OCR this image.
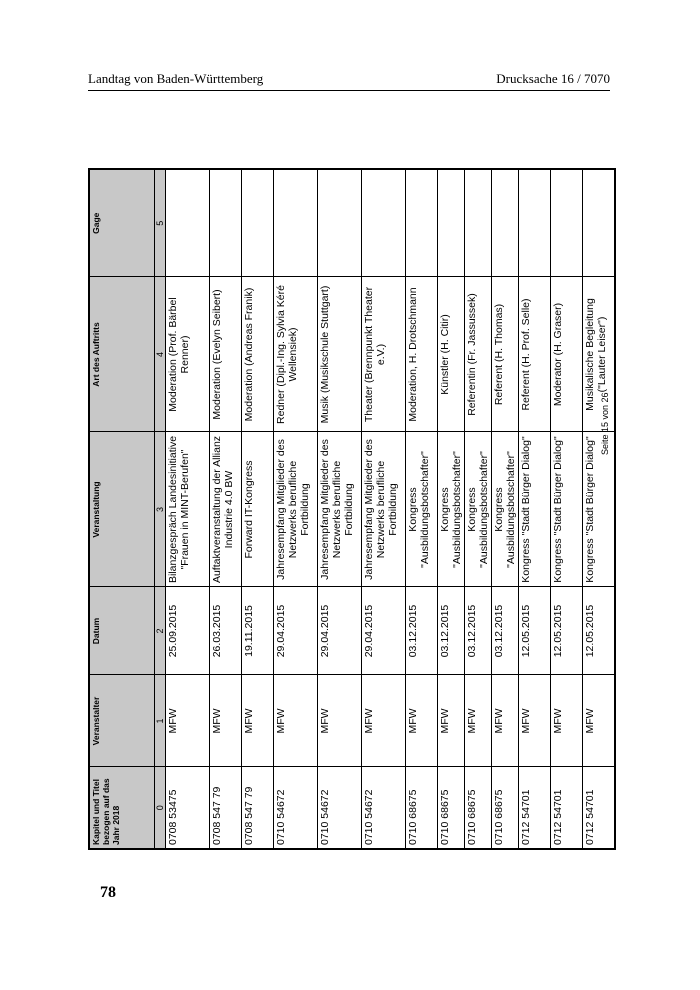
Landtag von Baden-Württemberg	Drucksache 16 / 7070

78
Kapitel und Titel bezogen auf das Jahr 2018	Veranstalter	Datum	Veranstaltung	Art des Auftritts	Gage
0	1	2	3	4	5
0708 53475	MFW	25.09.2015	Bilanzgespräch Landesinitiative "Frauen in MINT-Berufen"	Moderation (Prof. Bärbel Renner)	
0708 547 79	MFW	26.03.2015	Auftaktveranstaltung der Allianz Industrie 4.0 BW	Moderation (Evelyn Seibert)	
0708 547 79	MFW	19.11.2015	Forward IT-Kongress	Moderation (Andreas Franik)	
0710 54672	MFW	29.04.2015	Jahresempfang Mitglieder des Netzwerks berufliche Fortbildung	Redner (Dipl.-Ing. Sylvia Kéré Wellensiek)	
0710 54672	MFW	29.04.2015	Jahresempfang Mitglieder des Netzwerks berufliche Fortbildung	Musik (Musikschule Stuttgart)	
0710 54672	MFW	29.04.2015	Jahresempfang Mitglieder des Netzwerks berufliche Fortbildung	Theater (Brennpunkt Theater e.V.)	
0710 68675	MFW	03.12.2015	Kongress "Ausbildungsbotschafter"	Moderation, H. Drotschmann	
0710 68675	MFW	03.12.2015	Kongress "Ausbildungsbotschafter"	Künstler (H. Citir)	
0710 68675	MFW	03.12.2015	Kongress "Ausbildungsbotschafter"	Referentin (Fr. Jassussek)	
0710 68675	MFW	03.12.2015	Kongress "Ausbildungsbotschafter"	Referent (H. Thomas)	
0712 54701	MFW	12.05.2015	Kongress "Stadt Bürger Dialog"	Referent (H. Prof. Selle)	
0712 54701	MFW	12.05.2015	Kongress "Stadt Bürger Dialog"	Moderator (H. Graser)	
0712 54701	MFW	12.05.2015	Kongress "Stadt Bürger Dialog"	Musikalische Begleitung ("Lauter Leiser")	
Seite 15 von 26
